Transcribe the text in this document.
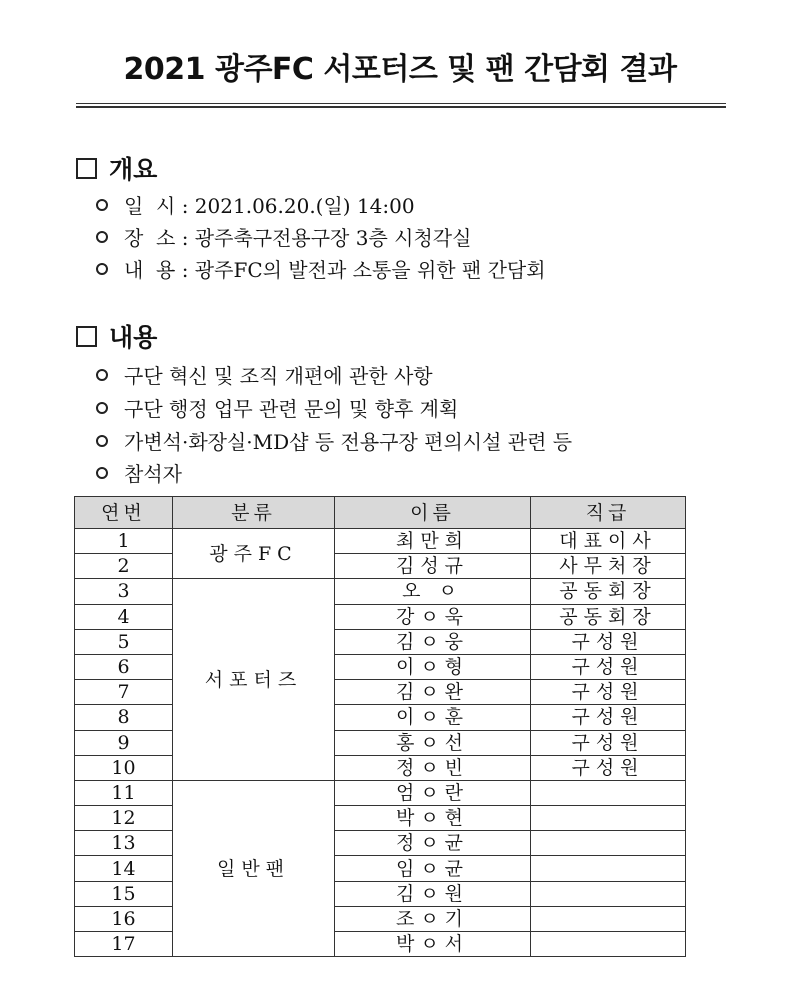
2021 광주FC 서포터즈 및 팬 간담회 결과
개요
일  시 : 2021.06.20.(일) 14:00
장  소 : 광주축구전용구장 3층 시청각실
내  용 : 광주FC의 발전과 소통을 위한 팬 간담회
내용
구단 혁신 및 조직 개편에 관한 사항
구단 행정 업무 관련 문의 및 향후 계획
가변석·화장실·MD샵 등 전용구장 편의시설 관련 등
참석자
연번	분류	이름	직급
1	광주FC	최만희	대표이사
2		김성규	사무처장
3	서포터즈	오 ㅇ	공동회장
4		강ㅇ욱	공동회장
5		김ㅇ웅	구성원
6		이ㅇ형	구성원
7		김ㅇ완	구성원
8		이ㅇ훈	구성원
9		홍ㅇ선	구성원
10		정ㅇ빈	구성원
11	일반팬	엄ㅇ란	
12		박ㅇ현	
13		정ㅇ균	
14		임ㅇ균	
15		김ㅇ원	
16		조ㅇ기	
17		박ㅇ서	
